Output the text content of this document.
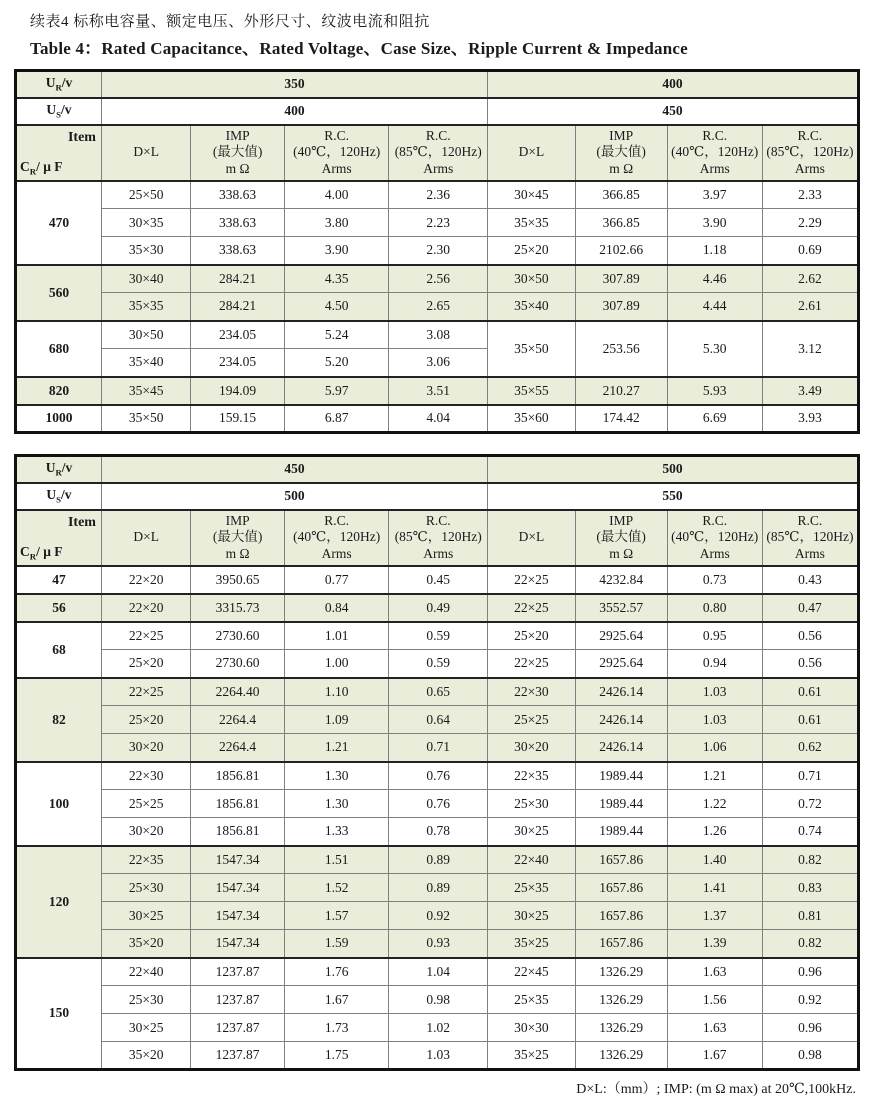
续表4 标称电容量、额定电压、外形尺寸、纹波电流和阻抗
Table 4：Rated Capacitance、Rated Voltage、Case Size、Ripple Current & Impedance
$U_R/v$	350				400			
$U_S/v$	400				450			

Item
$C_R/$ μ F	D×L	IMP
(最大值)
m Ω	R.C.
(40℃，120Hz)
Arms	R.C.
(85℃，120Hz)
Arms	D×L	IMP
(最大值)
m Ω	R.C.
(40℃，120Hz)
Arms	R.C.
(85℃，120Hz)
Arms
470	25×50	338.63	4.00	2.36	30×45	366.85	3.97	2.33
	30×35	338.63	3.80	2.23	35×35	366.85	3.90	2.29
	35×30	338.63	3.90	2.30	25×20	2102.66	1.18	0.69
560	30×40	284.21	4.35	2.56	30×50	307.89	4.46	2.62
	35×35	284.21	4.50	2.65	35×40	307.89	4.44	2.61
680	30×50	234.05	5.24	3.08	35×50	253.56	5.30	3.12
	35×40	234.05	5.20	3.06				
820	35×45	194.09	5.97	3.51	35×55	210.27	5.93	3.49
1000	35×50	159.15	6.87	4.04	35×60	174.42	6.69	3.93
$U_R/v$	450				500			
$U_S/v$	500				550			

Item
$C_R/$ μ F	D×L	IMP
(最大值)
m Ω	R.C.
(40℃，120Hz)
Arms	R.C.
(85℃，120Hz)
Arms	D×L	IMP
(最大值)
m Ω	R.C.
(40℃，120Hz)
Arms	R.C.
(85℃，120Hz)
Arms
47	22×20	3950.65	0.77	0.45	22×25	4232.84	0.73	0.43
56	22×20	3315.73	0.84	0.49	22×25	3552.57	0.80	0.47
68	22×25	2730.60	1.01	0.59	25×20	2925.64	0.95	0.56
	25×20	2730.60	1.00	0.59	22×25	2925.64	0.94	0.56
82	22×25	2264.40	1.10	0.65	22×30	2426.14	1.03	0.61
	25×20	2264.4	1.09	0.64	25×25	2426.14	1.03	0.61
	30×20	2264.4	1.21	0.71	30×20	2426.14	1.06	0.62
100	22×30	1856.81	1.30	0.76	22×35	1989.44	1.21	0.71
	25×25	1856.81	1.30	0.76	25×30	1989.44	1.22	0.72
	30×20	1856.81	1.33	0.78	30×25	1989.44	1.26	0.74
120	22×35	1547.34	1.51	0.89	22×40	1657.86	1.40	0.82
	25×30	1547.34	1.52	0.89	25×35	1657.86	1.41	0.83
	30×25	1547.34	1.57	0.92	30×25	1657.86	1.37	0.81
	35×20	1547.34	1.59	0.93	35×25	1657.86	1.39	0.82
150	22×40	1237.87	1.76	1.04	22×45	1326.29	1.63	0.96
	25×30	1237.87	1.67	0.98	25×35	1326.29	1.56	0.92
	30×25	1237.87	1.73	1.02	30×30	1326.29	1.63	0.96
	35×20	1237.87	1.75	1.03	35×25	1326.29	1.67	0.98
D×L:（mm）; IMP: (m Ω max) at 20℃,100kHz.
